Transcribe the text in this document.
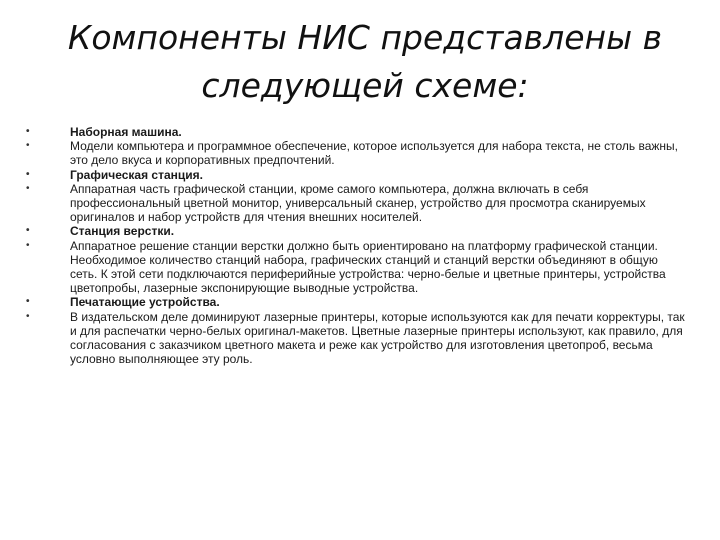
Компоненты НИС представлены в
следующей схеме:
•	Наборная машина.
•	Модели компьютера и программное обеспечение, которое используется для набора текста, не столь важны, это дело вкуса и корпоративных предпочтений.
•	Графическая станция.
•	Аппаратная часть графической станции, кроме самого компьютера, должна включать в себя профессиональный цветной монитор, универсальный сканер, устройство для просмотра сканируемых оригиналов и набор устройств для чтения внешних носителей.
•	Станция верстки.
•	Аппаратное решение станции верстки должно быть ориентировано на платформу графической станции. Необходимое количество станций набора, графических станций и станций верстки объединяют в общую сеть. К этой сети подключаются периферийные устройства: черно-белые и цветные принтеры, устройства цветопробы, лазерные экспонирующие выводные устройства.
•	Печатающие устройства.
•	В издательском деле доминируют лазерные принтеры, которые используются как для печати корректуры, так и для распечатки черно-белых оригинал-макетов. Цветные лазерные принтеры используют, как правило, для согласования с заказчиком цветного макета и реже как устройство для изготовления цветопроб, весьма условно выполняющее эту роль.
